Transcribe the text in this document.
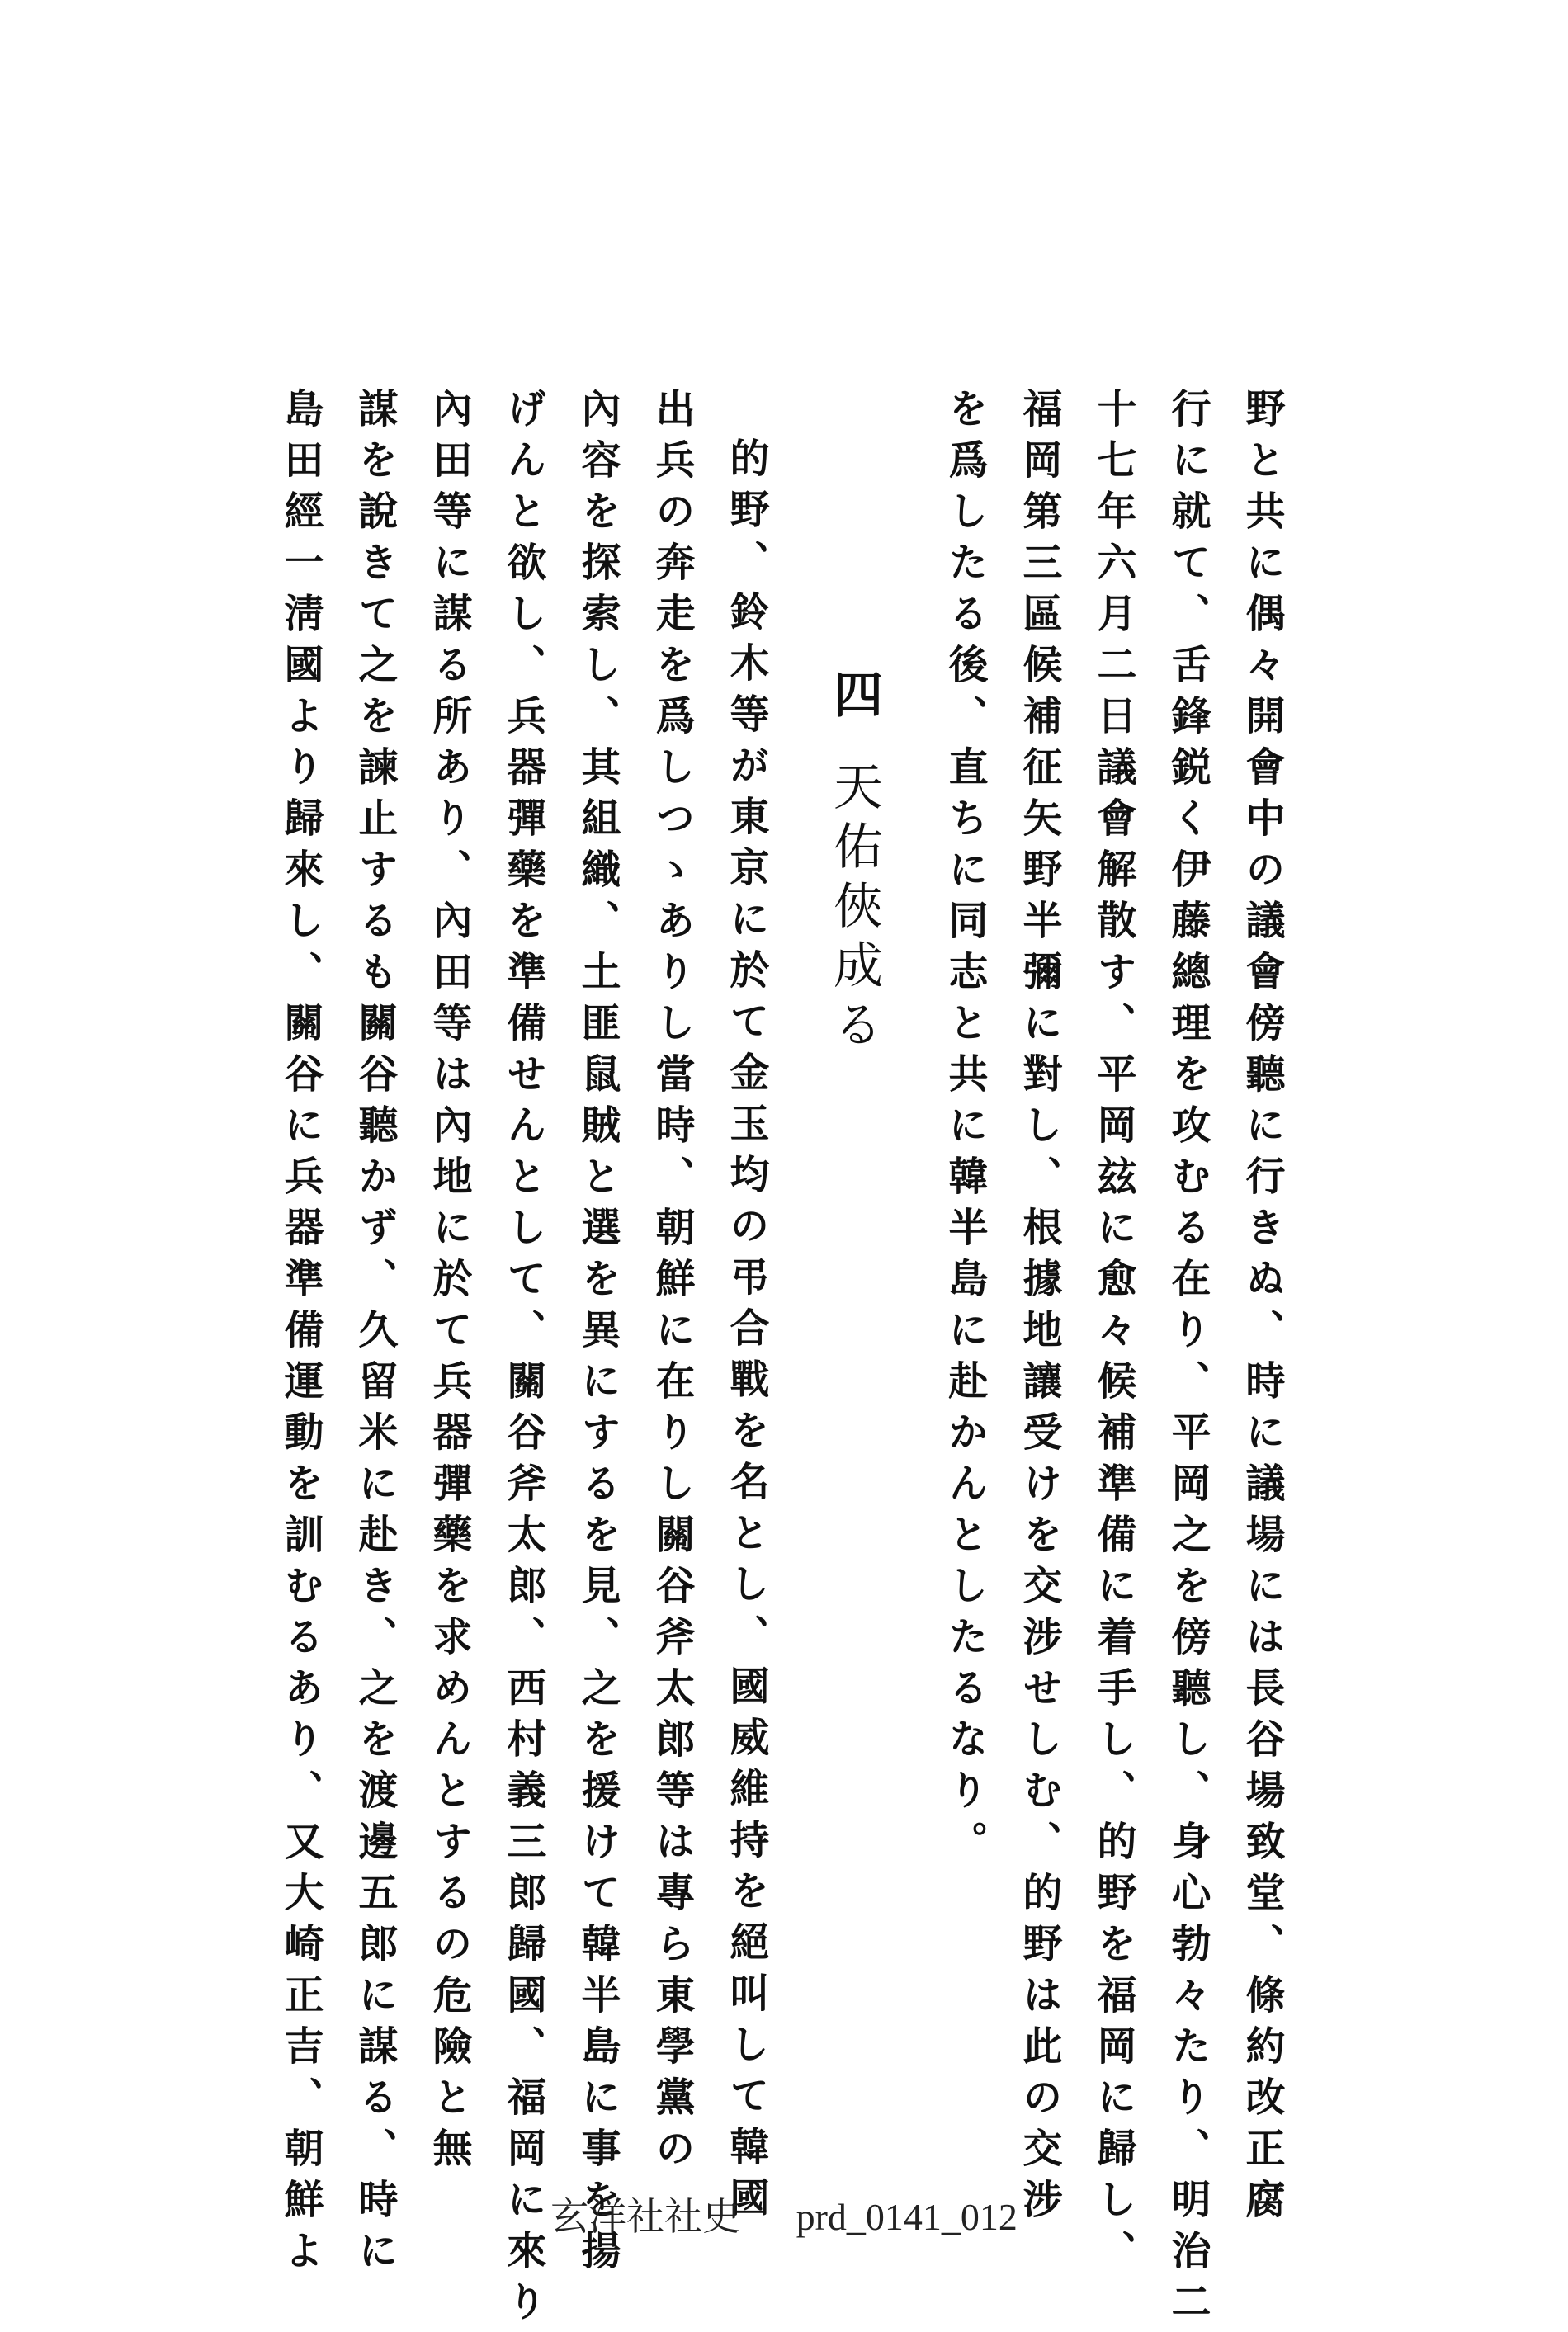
野と共に偶々開會中の議會傍聽に行きぬ、時に議場には長谷場致堂、條約改正腐
行に就て、舌鋒鋭く伊藤總理を攻むる在り、平岡之を傍聽し、身心勃々たり、明治二
十七年六月二日議會解散す、平岡玆に愈々候補準備に着手し、的野を福岡に歸し、
福岡第三區候補征矢野半彌に對し、根據地讓受けを交涉せしむ、的野は此の交涉
を爲したる後、直ちに同志と共に韓半島に赴かんとしたるなり。
四天佑俠成る
的野、鈴木等が東京に於て金玉均の弔合戰を名とし、國威維持を絕叫して韓國
出兵の奔走を爲しつゝありし當時、朝鮮に在りし關谷斧太郎等は專ら東學黨の
內容を探索し、其組織、土匪鼠賊と選を異にするを見、之を援けて韓半島に事を揚
げんと欲し、兵器彈藥を準備せんとして、關谷斧太郎、西村義三郎歸國、福岡に來り
內田等に謀る所あり、內田等は內地に於て兵器彈藥を求めんとするの危險と無
謀を說きて之を諫止するも關谷聽かず、久留米に赴き、之を渡邊五郎に謀る、時に
島田經一淸國より歸來し、關谷に兵器準備運動を訓むるあり、又大崎正吉、朝鮮よ	玄洋社社史 prd_0141_012
